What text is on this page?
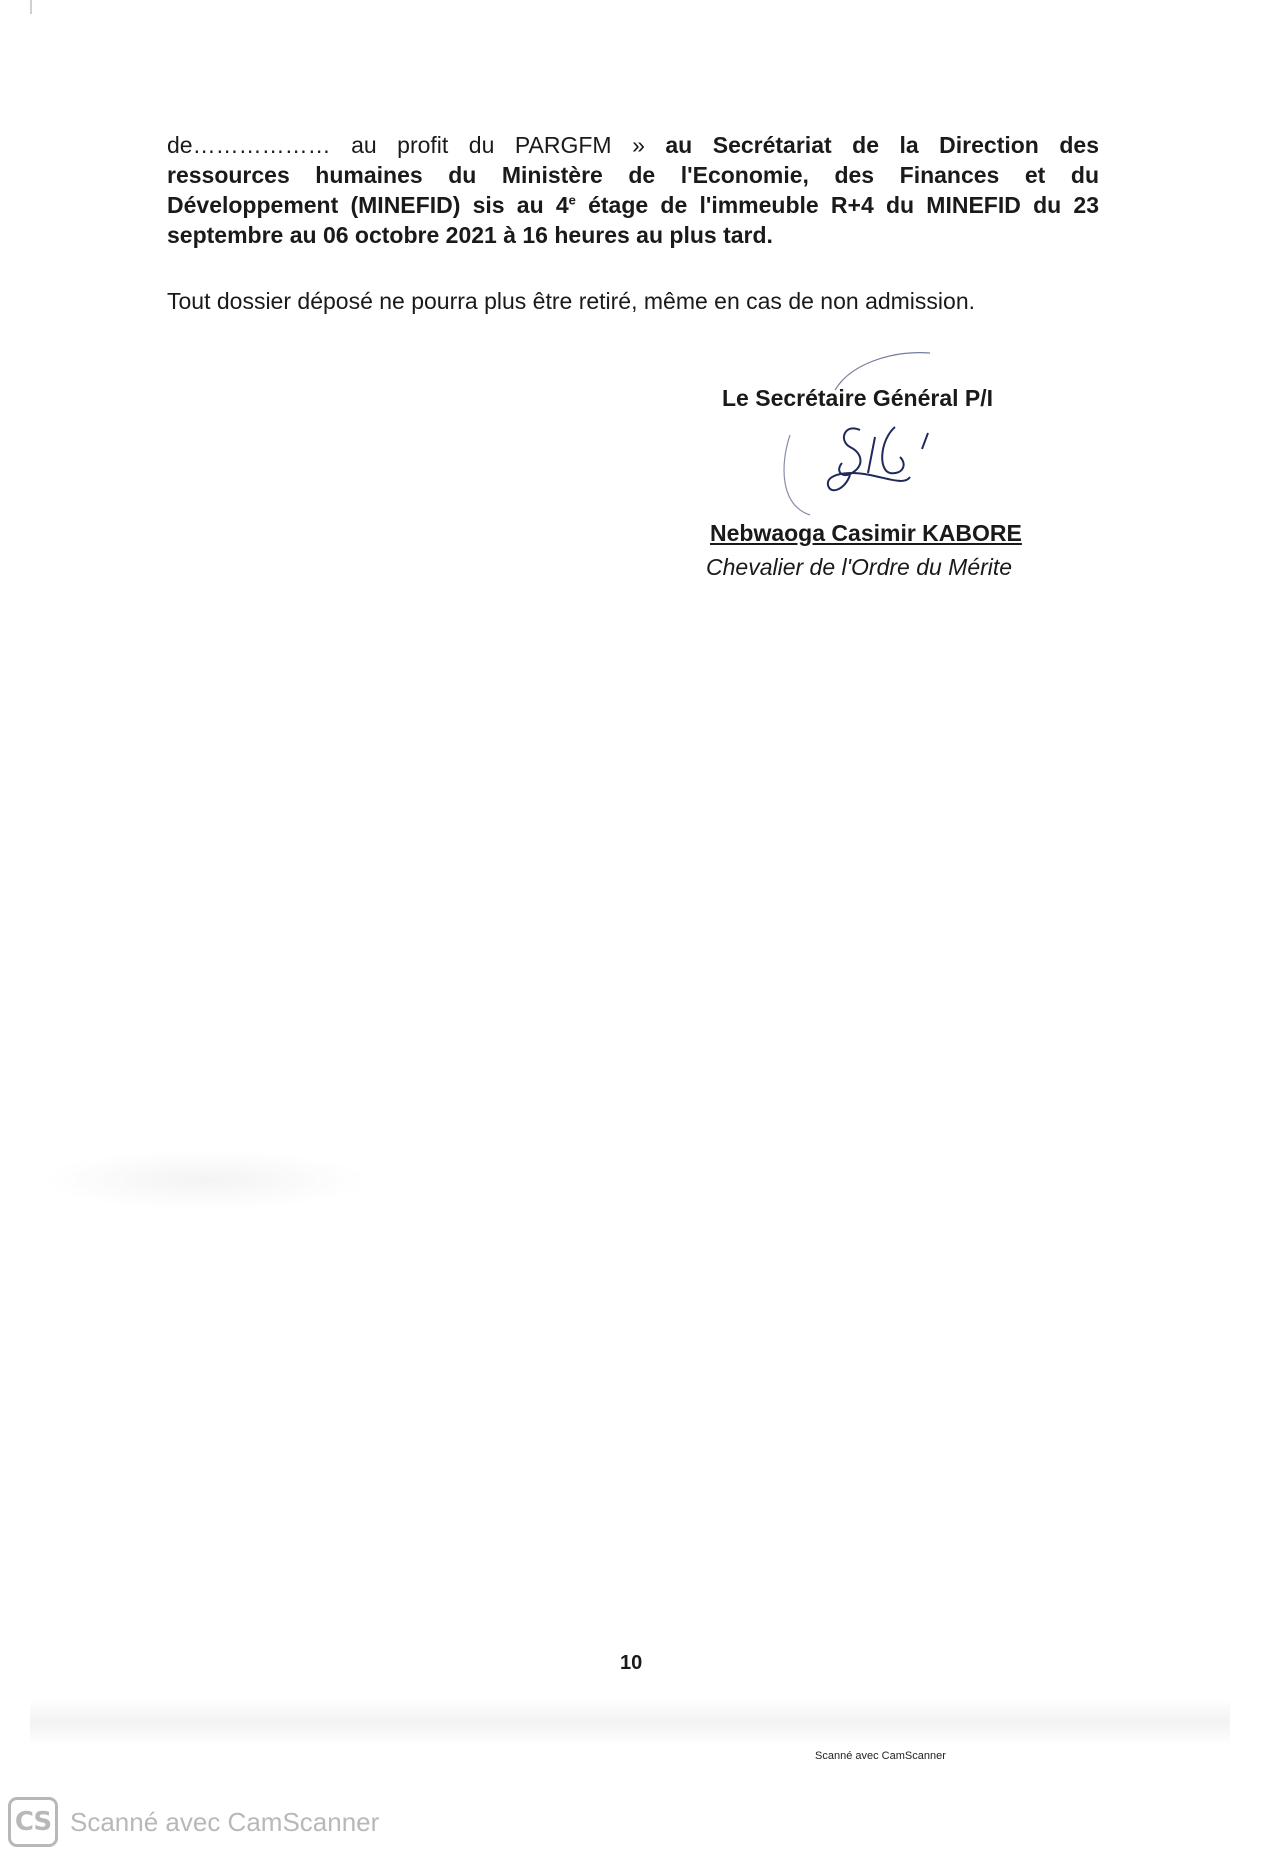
de……………… au profit du PARGFM » au Secrétariat de la Direction des
ressources humaines du Ministère de l'Economie, des Finances et du
Développement (MINEFID) sis au 4e étage de l'immeuble R+4 du MINEFID du 23
septembre au 06 octobre 2021 à 16 heures au plus tard.

Tout dossier déposé ne pourra plus être retiré, même en cas de non admission.

Le Secrétaire Général P/I
Nebwaoga Casimir KABORE
Chevalier de l'Ordre du Mérite
10
Scanné avec CamScanner
CS Scanné avec CamScanner
